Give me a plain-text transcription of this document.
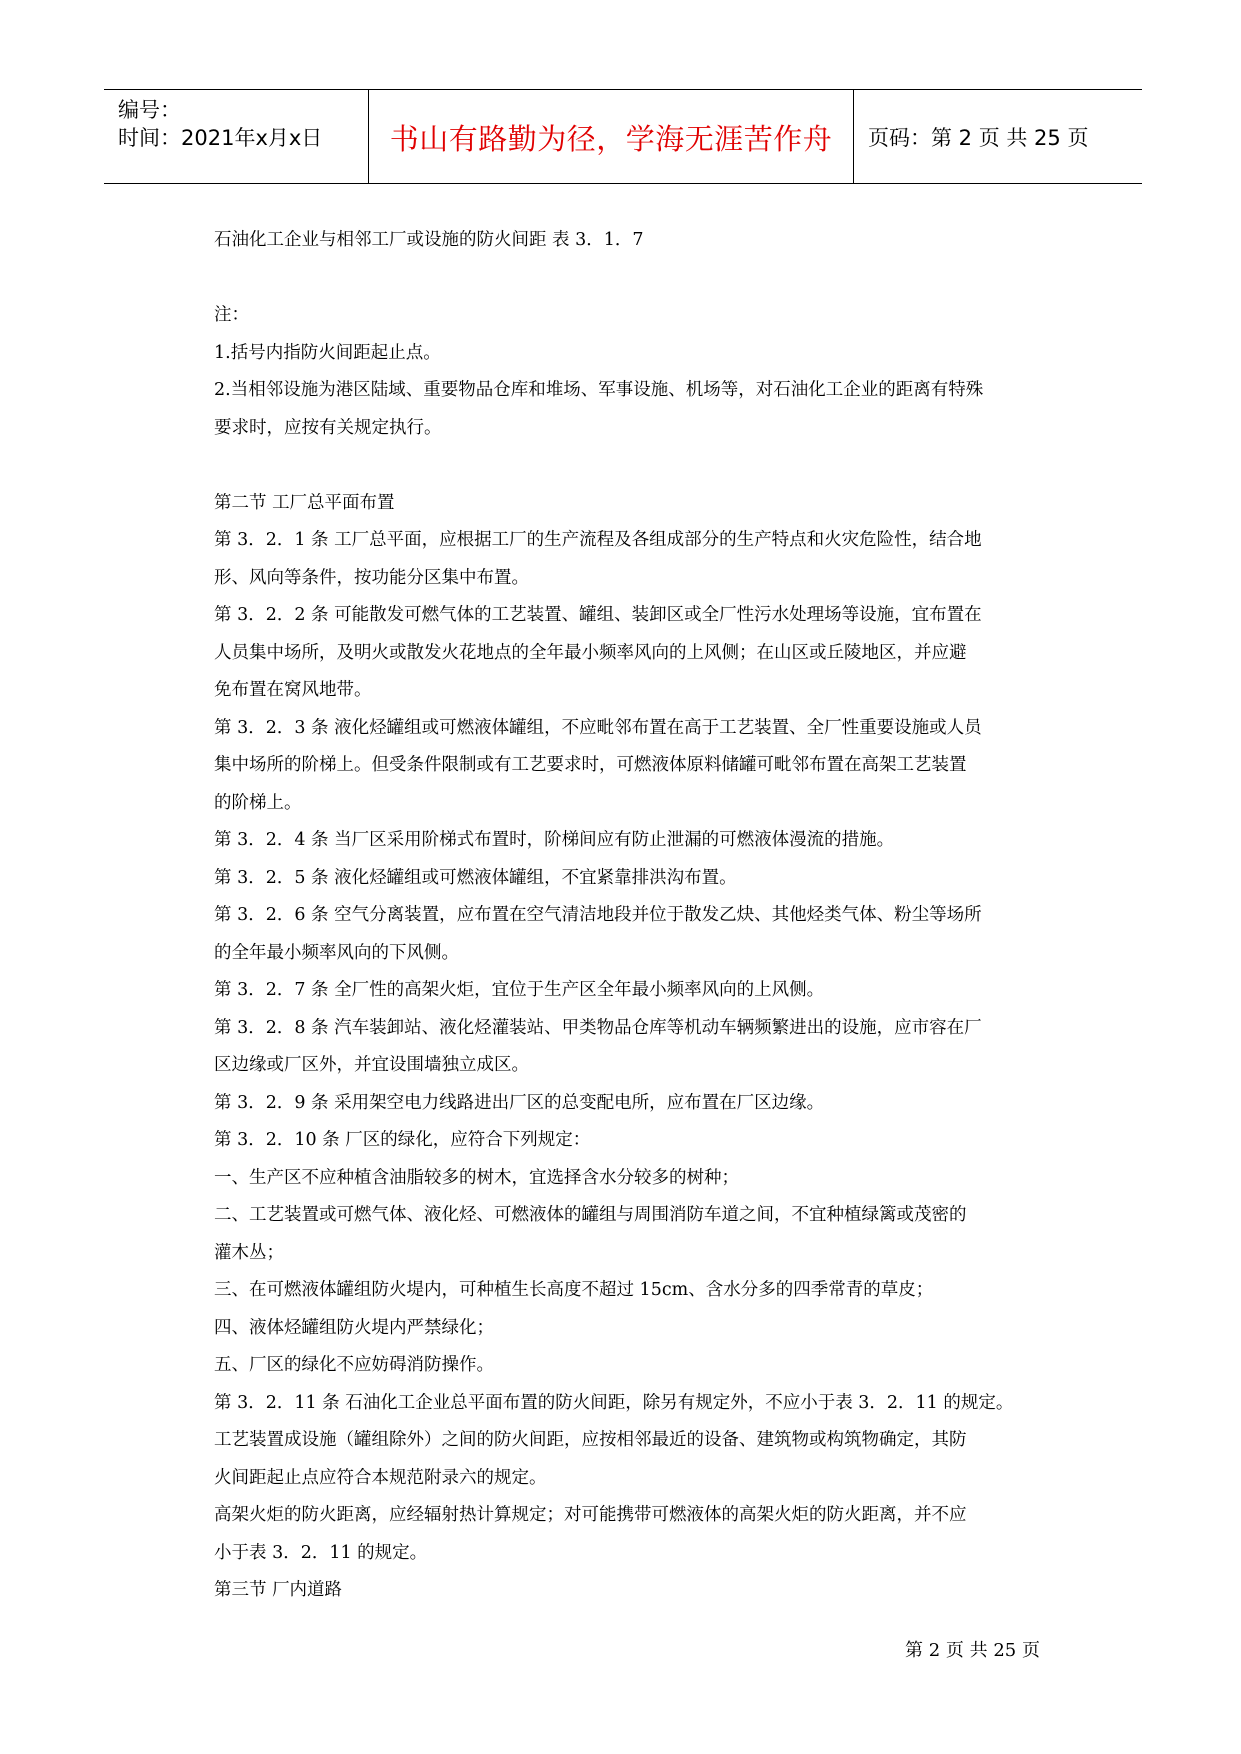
编号：
时间：2021年x月x日	书山有路勤为径，学海无涯苦作舟	页码：第 2 页 共 25 页

石油化工企业与相邻工厂或设施的防火间距 表 3．1．7

注：

1.括号内指防火间距起止点。

2.当相邻设施为港区陆域、重要物品仓库和堆场、军事设施、机场等，对石油化工企业的距离有特殊

要求时，应按有关规定执行。

第二节 工厂总平面布置

第 3．2．1 条 工厂总平面，应根据工厂的生产流程及各组成部分的生产特点和火灾危险性，结合地

形、风向等条件，按功能分区集中布置。

第 3．2．2 条 可能散发可燃气体的工艺装置、罐组、装卸区或全厂性污水处理场等设施，宜布置在

人员集中场所，及明火或散发火花地点的全年最小频率风向的上风侧；在山区或丘陵地区，并应避

免布置在窝风地带。

第 3．2．3 条 液化烃罐组或可燃液体罐组，不应毗邻布置在高于工艺装置、全厂性重要设施或人员

集中场所的阶梯上。但受条件限制或有工艺要求时，可燃液体原料储罐可毗邻布置在高架工艺装置

的阶梯上。

第 3．2．4 条 当厂区采用阶梯式布置时，阶梯间应有防止泄漏的可燃液体漫流的措施。

第 3．2．5 条 液化烃罐组或可燃液体罐组，不宜紧靠排洪沟布置。

第 3．2．6 条 空气分离装置，应布置在空气清洁地段并位于散发乙炔、其他烃类气体、粉尘等场所

的全年最小频率风向的下风侧。

第 3．2．7 条 全厂性的高架火炬，宜位于生产区全年最小频率风向的上风侧。

第 3．2．8 条 汽车装卸站、液化烃灌装站、甲类物品仓库等机动车辆频繁进出的设施，应市容在厂

区边缘或厂区外，并宜设围墙独立成区。

第 3．2．9 条 采用架空电力线路进出厂区的总变配电所，应布置在厂区边缘。

第 3．2．10 条 厂区的绿化，应符合下列规定：

一、生产区不应种植含油脂较多的树木，宜选择含水分较多的树种；

二、工艺装置或可燃气体、液化烃、可燃液体的罐组与周围消防车道之间，不宜种植绿篱或茂密的

灌木丛；

三、在可燃液体罐组防火堤内，可种植生长高度不超过 15cm、含水分多的四季常青的草皮；

四、液体烃罐组防火堤内严禁绿化；

五、厂区的绿化不应妨碍消防操作。

第 3．2．11 条 石油化工企业总平面布置的防火间距，除另有规定外，不应小于表 3．2．11 的规定。

工艺装置成设施（罐组除外）之间的防火间距，应按相邻最近的设备、建筑物或构筑物确定，其防

火间距起止点应符合本规范附录六的规定。

高架火炬的防火距离，应经辐射热计算规定；对可能携带可燃液体的高架火炬的防火距离，并不应

小于表 3．2．11 的规定。

第三节 厂内道路

第 2 页 共 25 页
